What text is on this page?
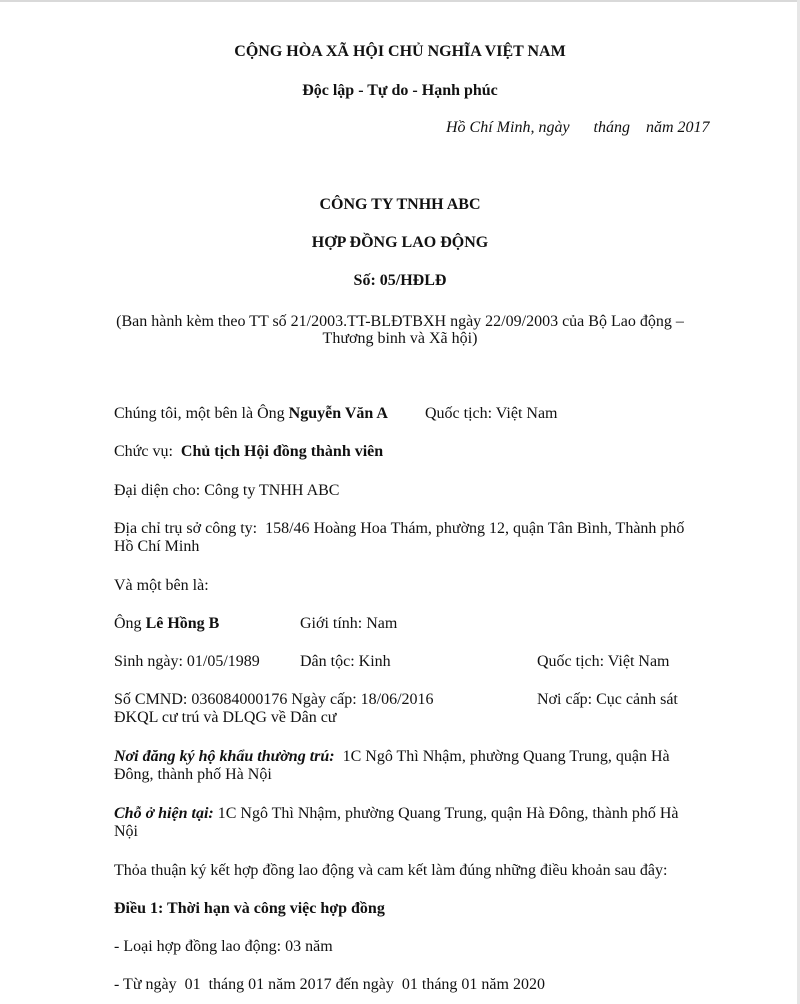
CỘNG HÒA XÃ HỘI CHỦ NGHĨA VIỆT NAM
Độc lập - Tự do - Hạnh phúc
Hồ Chí Minh, ngày      tháng    năm 2017
CÔNG TY TNHH ABC
HỢP ĐỒNG LAO ĐỘNG
Số: 05/HĐLĐ
(Ban hành kèm theo TT số 21/2003.TT-BLĐTBXH ngày 22/09/2003 của Bộ Lao động –
Thương binh và Xã hội)
Chúng tôi, một bên là Ông Nguyễn Văn A Quốc tịch: Việt Nam
Chức vụ:  Chủ tịch Hội đồng thành viên
Đại diện cho: Công ty TNHH ABC
Địa chỉ trụ sở công ty:  158/46 Hoàng Hoa Thám, phường 12, quận Tân Bình, Thành phố
Hồ Chí Minh
Và một bên là:
Ông Lê Hồng B	Giới tính: Nam
Sinh ngày: 01/05/1989	Dân tộc: Kinh	Quốc tịch: Việt Nam
Số CMND: 036084000176 Ngày cấp: 18/06/2016	Nơi cấp: Cục cảnh sát
ĐKQL cư trú và DLQG về Dân cư
Nơi đăng ký hộ khẩu thường trú:  1C Ngô Thì Nhậm, phường Quang Trung, quận Hà
Đông, thành phố Hà Nội
Chỗ ở hiện tại: 1C Ngô Thì Nhậm, phường Quang Trung, quận Hà Đông, thành phố Hà
Nội
Thỏa thuận ký kết hợp đồng lao động và cam kết làm đúng những điều khoản sau đây:
Điều 1: Thời hạn và công việc hợp đồng
- Loại hợp đồng lao động: 03 năm
- Từ ngày  01  tháng 01 năm 2017 đến ngày  01 tháng 01 năm 2020
